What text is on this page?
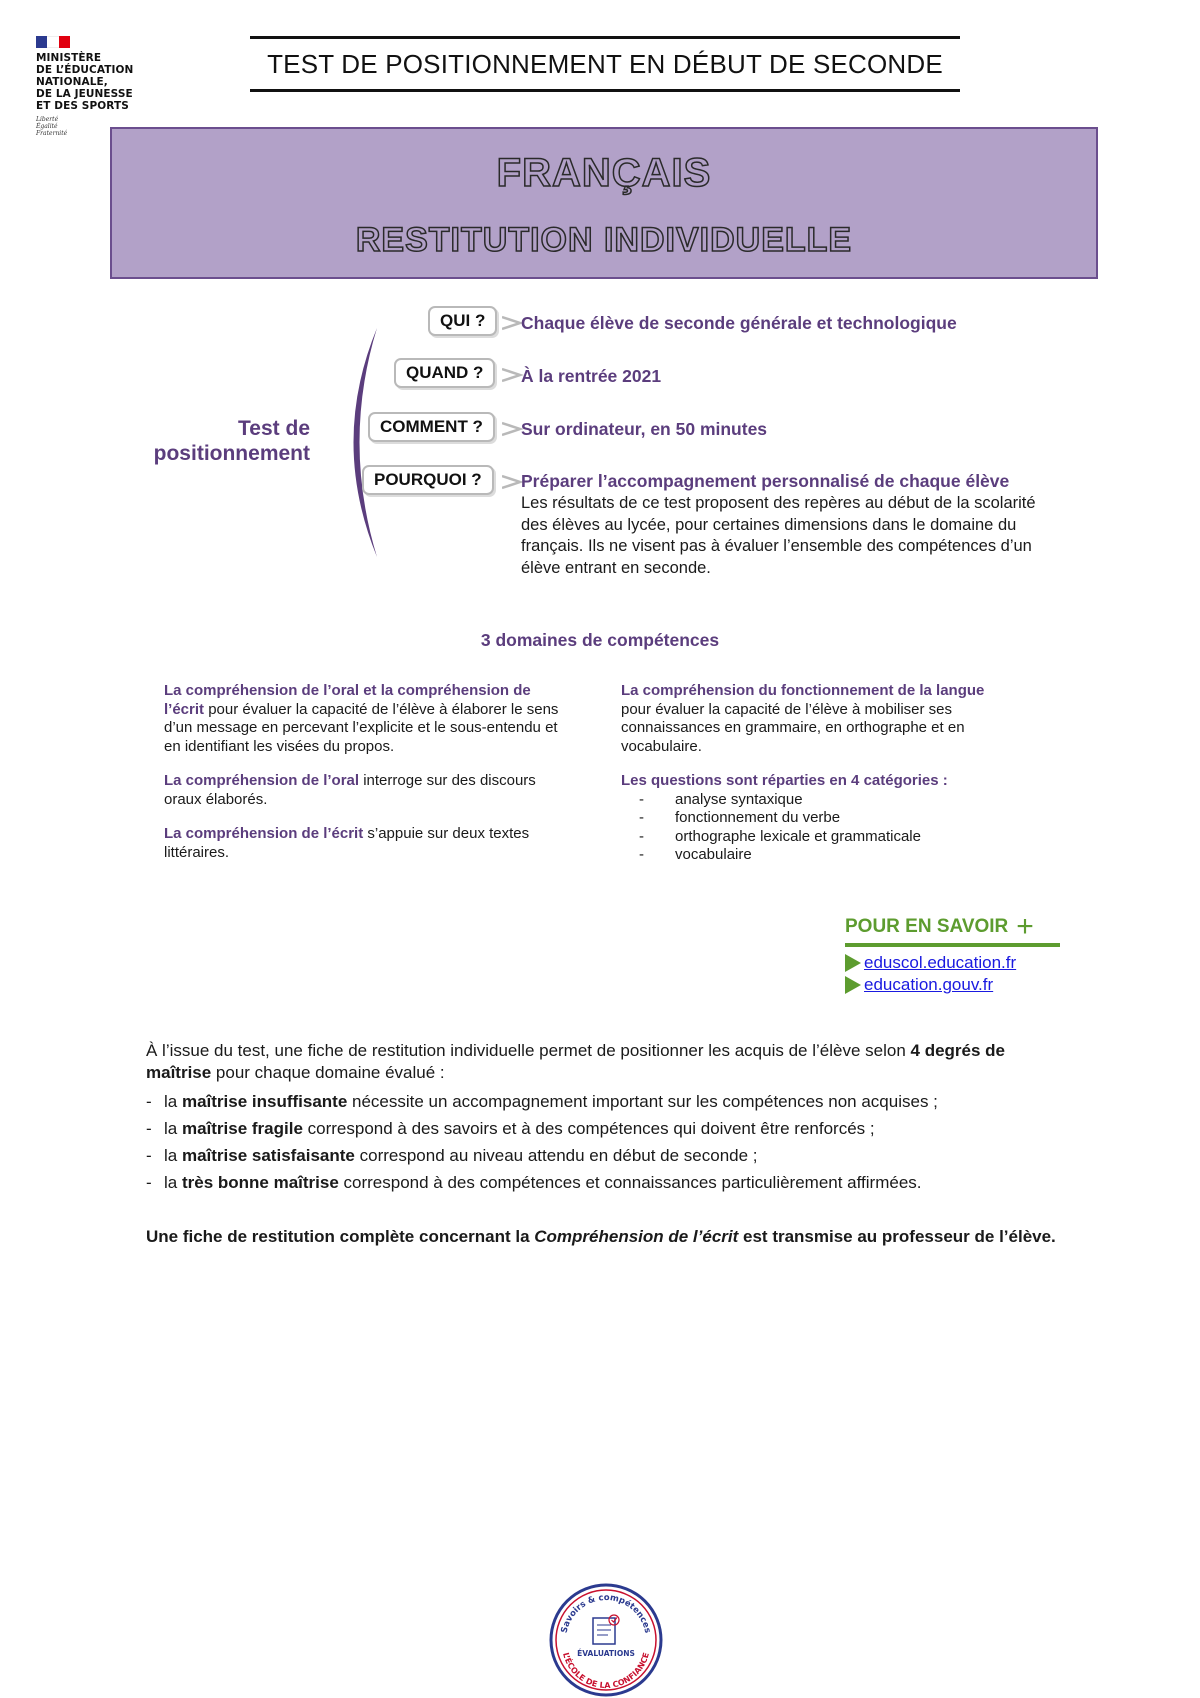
MINISTÈRE
DE L’ÉDUCATION
NATIONALE,
DE LA JEUNESSE
ET DES SPORTS
Liberté
Égalité
Fraternité
TEST DE POSITIONNEMENT EN DÉBUT DE SECONDE
FRANÇAIS
RESTITUTION INDIVIDUELLE
Test de
positionnement
QUI ? Chaque élève de seconde générale et technologique
QUAND ? À la rentrée 2021
COMMENT ? Sur ordinateur, en 50 minutes
POURQUOI ? Préparer l’accompagnement personnalisé de chaque élève
Les résultats de ce test proposent des repères au début de la scolarité des élèves au lycée, pour certaines dimensions dans le domaine du français. Ils ne visent pas à évaluer l’ensemble des compétences d’un élève entrant en seconde.
3 domaines de compétences

La compréhension de l’oral et la compréhension de l’écrit pour évaluer la capacité de l’élève à élaborer le sens d’un message en percevant l’explicite et le sous-entendu et en identifiant les visées du propos.

La compréhension de l’oral interroge sur des discours oraux élaborés.

La compréhension de l’écrit s’appuie sur deux textes littéraires.

La compréhension du fonctionnement de la langue
pour évaluer la capacité de l’élève à mobiliser ses connaissances en grammaire, en orthographe et en vocabulaire.

Les questions sont réparties en 4 catégories :
-	analyse syntaxique
-	fonctionnement du verbe
-	orthographe lexicale et grammaticale
-	vocabulaire
POUR EN SAVOIR +
eduscol.education.fr
education.gouv.fr
À l’issue du test, une fiche de restitution individuelle permet de positionner les acquis de l’élève selon 4 degrés de maîtrise pour chaque domaine évalué :
- la maîtrise insuffisante nécessite un accompagnement important sur les compétences non acquises ;
- la maîtrise fragile correspond à des savoirs et à des compétences qui doivent être renforcés ;
- la maîtrise satisfaisante correspond au niveau attendu en début de seconde ;
- la très bonne maîtrise correspond à des compétences et connaissances particulièrement affirmées.
Une fiche de restitution complète concernant la Compréhension de l’écrit est transmise au professeur de l’élève.
Savoirs & compétences
ÉVALUATIONS
L’ÉCOLE DE LA CONFIANCE
